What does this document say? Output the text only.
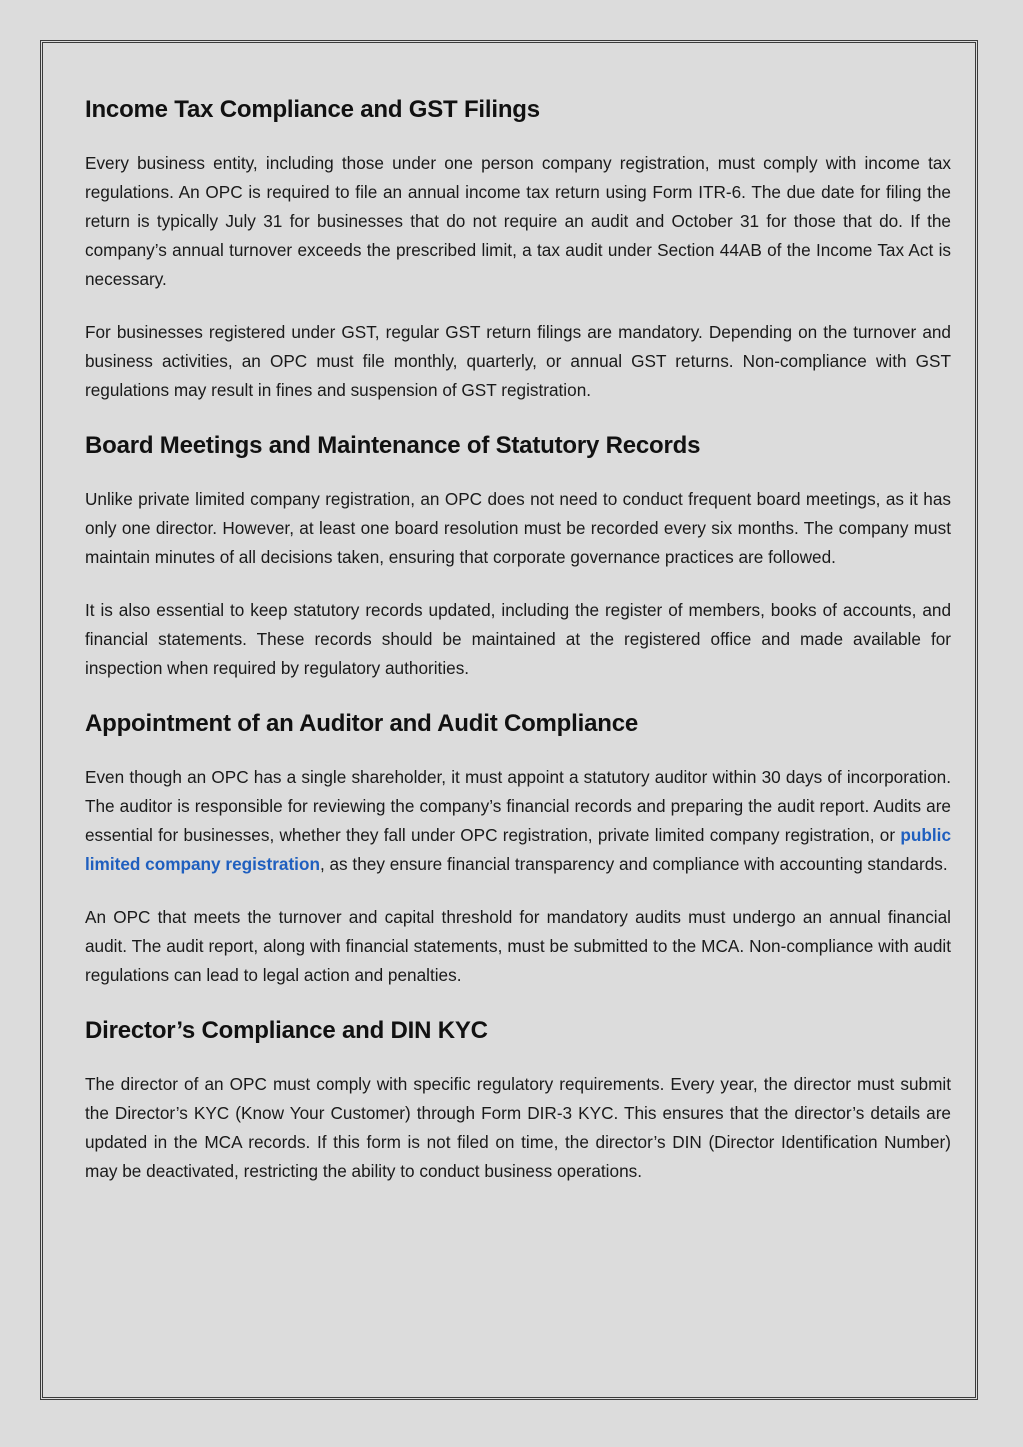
Income Tax Compliance and GST Filings

Every business entity, including those under one person company registration, must comply with income tax regulations. An OPC is required to file an annual income tax return using Form ITR-6. The due date for filing the return is typically July 31 for businesses that do not require an audit and October 31 for those that do. If the company’s annual turnover exceeds the prescribed limit, a tax audit under Section 44AB of the Income Tax Act is necessary.

For businesses registered under GST, regular GST return filings are mandatory. Depending on the turnover and business activities, an OPC must file monthly, quarterly, or annual GST returns. Non-compliance with GST regulations may result in fines and suspension of GST registration.

Board Meetings and Maintenance of Statutory Records

Unlike private limited company registration, an OPC does not need to conduct frequent board meetings, as it has only one director. However, at least one board resolution must be recorded every six months. The company must maintain minutes of all decisions taken, ensuring that corporate governance practices are followed.

It is also essential to keep statutory records updated, including the register of members, books of accounts, and financial statements. These records should be maintained at the registered office and made available for inspection when required by regulatory authorities.

Appointment of an Auditor and Audit Compliance

Even though an OPC has a single shareholder, it must appoint a statutory auditor within 30 days of incorporation. The auditor is responsible for reviewing the company’s financial records and preparing the audit report. Audits are essential for businesses, whether they fall under OPC registration, private limited company registration, or public limited company registration, as they ensure financial transparency and compliance with accounting standards.

An OPC that meets the turnover and capital threshold for mandatory audits must undergo an annual financial audit. The audit report, along with financial statements, must be submitted to the MCA. Non-compliance with audit regulations can lead to legal action and penalties.

Director’s Compliance and DIN KYC

The director of an OPC must comply with specific regulatory requirements. Every year, the director must submit the Director’s KYC (Know Your Customer) through Form DIR-3 KYC. This ensures that the director’s details are updated in the MCA records. If this form is not filed on time, the director’s DIN (Director Identification Number) may be deactivated, restricting the ability to conduct business operations.
